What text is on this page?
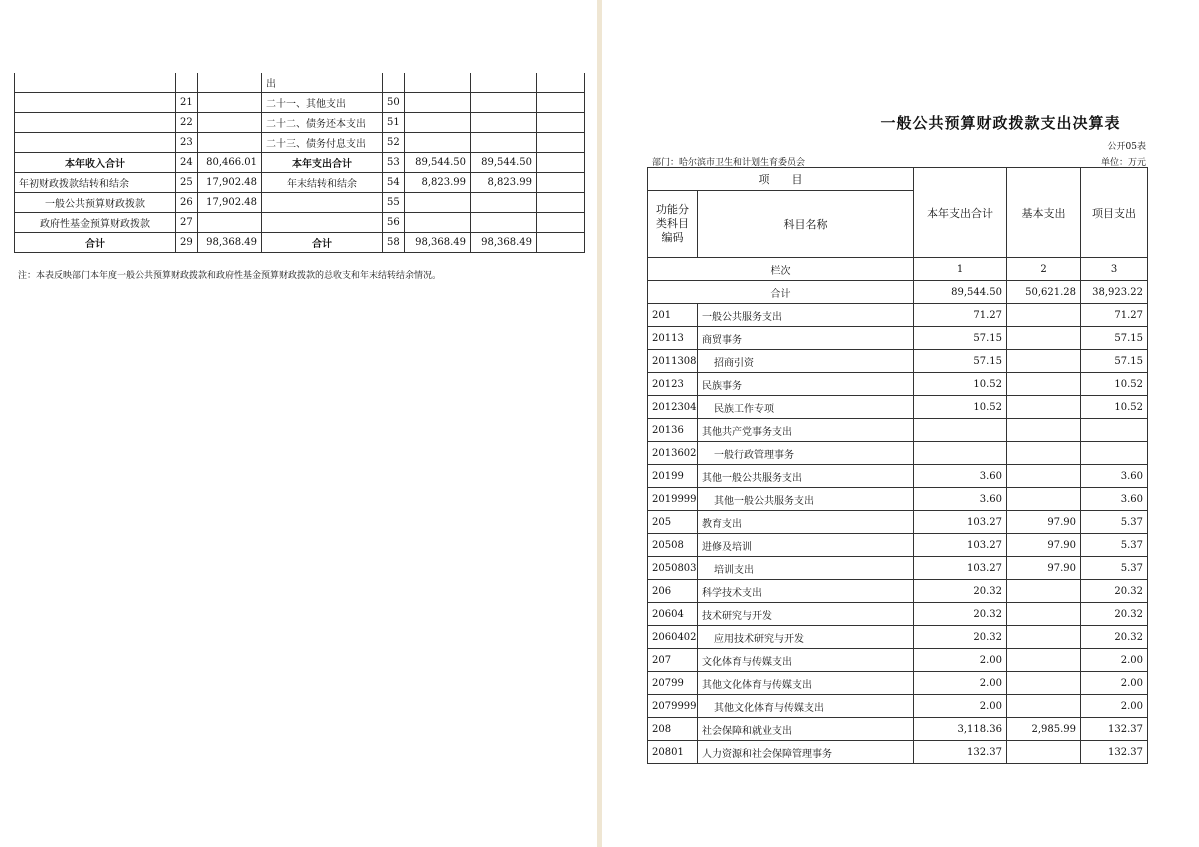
			出				
	21		二十一、其他支出	50			
	22		二十二、债务还本支出	51			
	23		二十三、债务付息支出	52			
本年收入合计	24	80,466.01	本年支出合计	53	89,544.50	89,544.50	
年初财政拨款结转和结余	25	17,902.48	年末结转和结余	54	8,823.99	8,823.99	
一般公共预算财政拨款	26	17,902.48		55			
政府性基金预算财政拨款	27			56			
合计	29	98,368.49	合计	58	98,368.49	98,368.49	
注：本表反映部门本年度一般公共预算财政拨款和政府性基金预算财政拨款的总收支和年末结转结余情况。
一般公共预算财政拨款支出决算表
公开05表
部门：哈尔滨市卫生和计划生育委员会	单位：万元
项　　目		本年支出合计	基本支出	项目支出
功能分类科目编码	科目名称			

栏次		1	2	3
合计		89,544.50	50,621.28	38,923.22
201	一般公共服务支出	71.27		71.27
20113	商贸事务	57.15		57.15
2011308	招商引资	57.15		57.15
20123	民族事务	10.52		10.52
2012304	民族工作专项	10.52		10.52
20136	其他共产党事务支出			
2013602	一般行政管理事务			
20199	其他一般公共服务支出	3.60		3.60
2019999	其他一般公共服务支出	3.60		3.60
205	教育支出	103.27	97.90	5.37
20508	进修及培训	103.27	97.90	5.37
2050803	培训支出	103.27	97.90	5.37
206	科学技术支出	20.32		20.32
20604	技术研究与开发	20.32		20.32
2060402	应用技术研究与开发	20.32		20.32
207	文化体育与传媒支出	2.00		2.00
20799	其他文化体育与传媒支出	2.00		2.00
2079999	其他文化体育与传媒支出	2.00		2.00
208	社会保障和就业支出	3,118.36	2,985.99	132.37
20801	人力资源和社会保障管理事务	132.37		132.37
